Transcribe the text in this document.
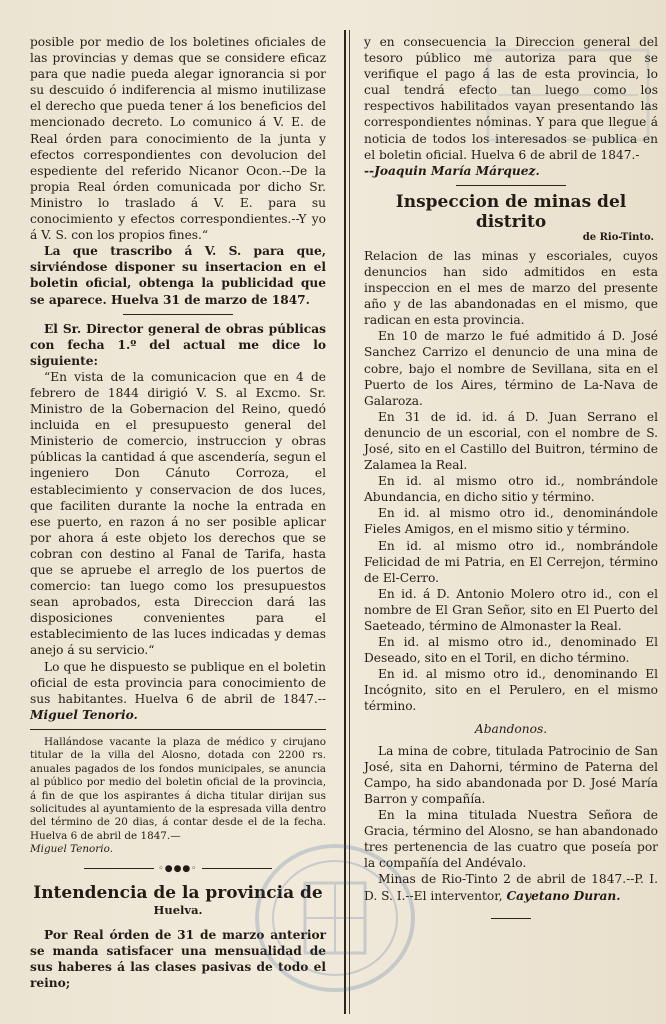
posible por medio de los boletines oficiales de las provincias y demas que se considere eficaz para que nadie pueda alegar ignorancia si por su descuido ó indiferencia al mismo inutilizase el derecho que pueda tener á los beneficios del mencionado decreto. Lo comunico á V. E. de Real órden para conocimiento de la junta y efectos correspondientes con devolucion del espediente del referido Nicanor Ocon.--De la propia Real órden comunicada por dicho Sr. Ministro lo traslado á V. E. para su conocimiento y efectos correspondientes.--Y yo á V. S. con los propios fines.“

La que trascribo á V. S. para que, sirviéndose disponer su insertacion en el boletin oficial, obtenga la publicidad que se aparece. Huelva 31 de marzo de 1847.

El Sr. Director general de obras públicas con fecha 1.º del actual me dice lo siguiente:

“En vista de la comunicacion que en 4 de febrero de 1844 dirigió V. S. al Excmo. Sr. Ministro de la Gobernacion del Reino, quedó incluida en el presupuesto general del Ministerio de comercio, instruccion y obras públicas la cantidad á que ascendería, segun el ingeniero Don Cánuto Corroza, el establecimiento y conservacion de dos luces, que faciliten durante la noche la entrada en ese puerto, en razon á no ser posible aplicar por ahora á este objeto los derechos que se cobran con destino al Fanal de Tarifa, hasta que se apruebe el arreglo de los puertos de comercio: tan luego como los presupuestos sean aprobados, esta Direccion dará las disposiciones convenientes para el establecimiento de las luces indicadas y demas anejo á su servicio.“

Lo que he dispuesto se publique en el boletin oficial de esta provincia para conocimiento de sus habitantes. Huelva 6 de abril de 1847.--Miguel Tenorio.

Hallándose vacante la plaza de médico y cirujano titular de la villa del Alosno, dotada con 2200 rs. anuales pagados de los fondos municipales, se anuncia al público por medio del boletin oficial de la provincia, á fin de que los aspirantes á dicha titular dirijan sus solicitudes al ayuntamiento de la espresada villa dentro del término de 20 dias, á contar desde el de la fecha. Huelva 6 de abril de 1847.—
Miguel Tenorio.

◦●●●◦
Intendencia de la provincia de
Huelva.

Por Real órden de 31 de marzo anterior se manda satisfacer una mensualidad de sus haberes á las clases pasivas de todo el reino;

y en consecuencia la Direccion general del tesoro público me autoriza para que se verifique el pago á las de esta provincia, lo cual tendrá efecto tan luego como los respectivos habilitados vayan presentando las correspondientes nóminas. Y para que llegue á noticia de todos los interesados se publica en el boletin oficial. Huelva 6 de abril de 1847.-
--Joaquin María Márquez.

Inspeccion de minas del distrito
de Rio-Tinto.

Relacion de las minas y escoriales, cuyos denuncios han sido admitidos en esta inspeccion en el mes de marzo del presente año y de las abandonadas en el mismo, que radican en esta provincia.

En 10 de marzo le fué admitido á D. José Sanchez Carrizo el denuncio de una mina de cobre, bajo el nombre de Sevillana, sita en el Puerto de los Aires, término de La-Nava de Galaroza.

En 31 de id. id. á D. Juan Serrano el denuncio de un escorial, con el nombre de S. José, sito en el Castillo del Buitron, término de Zalamea la Real.

En id. al mismo otro id., nombrándole Abundancia, en dicho sitio y término.

En id. al mismo otro id., denominándole Fieles Amigos, en el mismo sitio y término.

En id. al mismo otro id., nombrándole Felicidad de mi Patria, en El Cerrejon, término de El-Cerro.

En id. á D. Antonio Molero otro id., con el nombre de El Gran Señor, sito en El Puerto del Saeteado, término de Almonaster la Real.

En id. al mismo otro id., denominado El Deseado, sito en el Toril, en dicho término.

En id. al mismo otro id., denominando El Incógnito, sito en el Perulero, en el mismo término.

Abandonos.

La mina de cobre, titulada Patrocinio de San José, sita en Dahorni, término de Paterna del Campo, ha sido abandonada por D. José María Barron y compañía.

En la mina titulada Nuestra Señora de Gracia, término del Alosno, se han abandonado tres pertenencia de las cuatro que poseía por la compañía del Andévalo.

Minas de Rio-Tinto 2 de abril de 1847.--P. I. D. S. I.--El interventor, Cayetano Duran.
